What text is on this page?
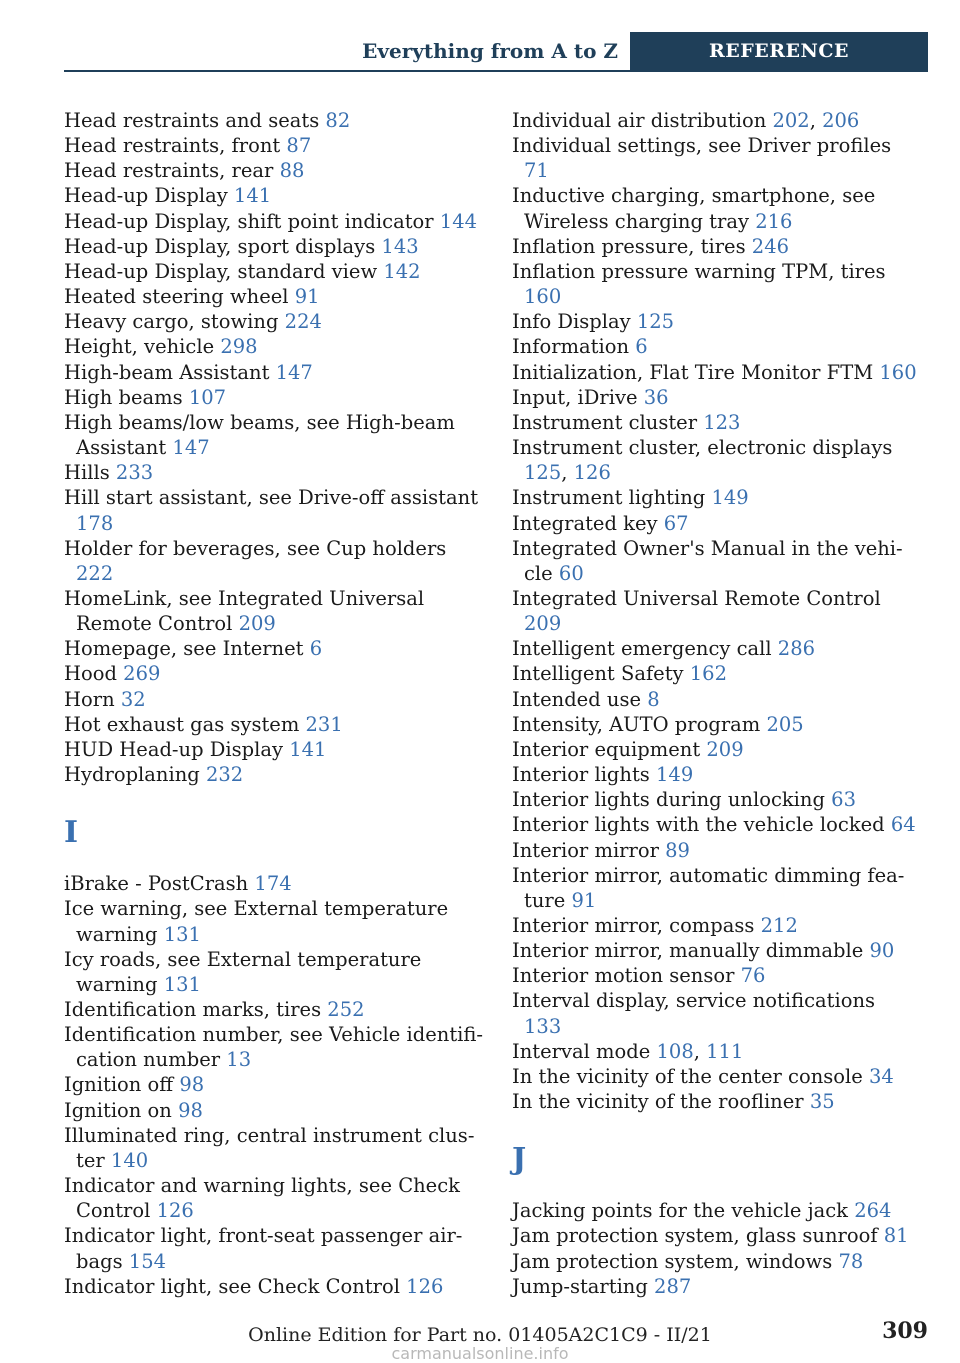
Everything from A to Z	REFERENCE
Head restraints and seats 82
Head restraints, front 87
Head restraints, rear 88
Head-up Display 141
Head-up Display, shift point indicator 144
Head-up Display, sport displays 143
Head-up Display, standard view 142
Heated steering wheel 91
Heavy cargo, stowing 224
Height, vehicle 298
High-beam Assistant 147
High beams 107
High beams/low beams, see High-beam Assistant 147
Hills 233
Hill start assistant, see Drive-off assistant 178
Holder for beverages, see Cup holders 222
HomeLink, see Integrated Universal Remote Control 209
Homepage, see Internet 6
Hood 269
Horn 32
Hot exhaust gas system 231
HUD Head-up Display 141
Hydroplaning 232
I
iBrake - PostCrash 174
Ice warning, see External temperature warning 131
Icy roads, see External temperature warning 131
Identification marks, tires 252
Identification number, see Vehicle identification number 13
Ignition off 98
Ignition on 98
Illuminated ring, central instrument cluster 140
Indicator and warning lights, see Check Control 126
Indicator light, front-seat passenger airbags 154
Indicator light, see Check Control 126
Individual air distribution 202, 206
Individual settings, see Driver profiles 71
Inductive charging, smartphone, see Wireless charging tray 216
Inflation pressure, tires 246
Inflation pressure warning TPM, tires 160
Info Display 125
Information 6
Initialization, Flat Tire Monitor FTM 160
Input, iDrive 36
Instrument cluster 123
Instrument cluster, electronic displays 125, 126
Instrument lighting 149
Integrated key 67
Integrated Owner's Manual in the vehicle 60
Integrated Universal Remote Control 209
Intelligent emergency call 286
Intelligent Safety 162
Intended use 8
Intensity, AUTO program 205
Interior equipment 209
Interior lights 149
Interior lights during unlocking 63
Interior lights with the vehicle locked 64
Interior mirror 89
Interior mirror, automatic dimming feature 91
Interior mirror, compass 212
Interior mirror, manually dimmable 90
Interior motion sensor 76
Interval display, service notifications 133
Interval mode 108, 111
In the vicinity of the center console 34
In the vicinity of the roofliner 35
J
Jacking points for the vehicle jack 264
Jam protection system, glass sunroof 81
Jam protection system, windows 78
Jump-starting 287
Online Edition for Part no. 01405A2C1C9 - II/21	309
carmanualsonline.info
